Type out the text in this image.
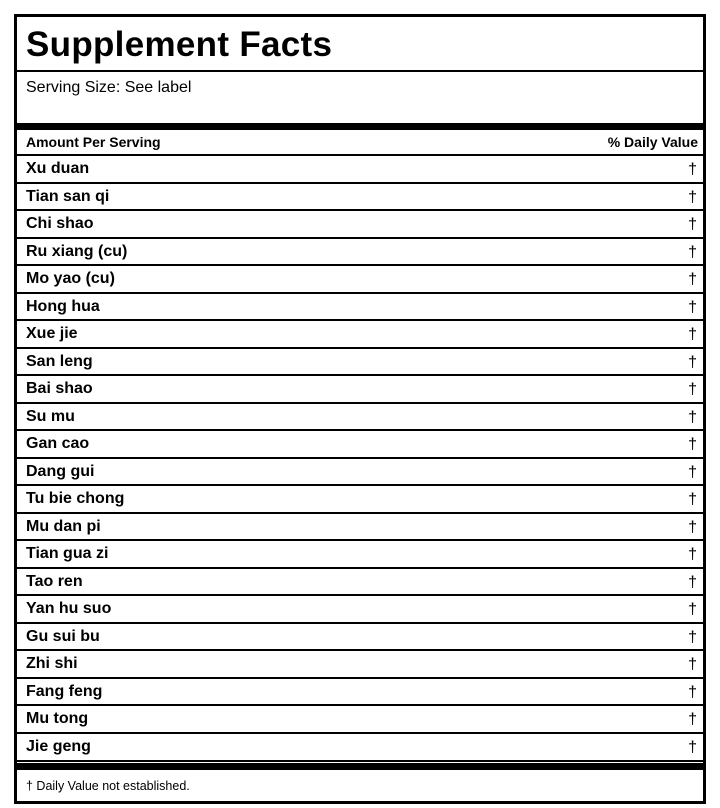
Supplement Facts
Serving Size: See label
Amount Per Serving	% Daily Value
Xu duan	†
Tian san qi	†
Chi shao	†
Ru xiang (cu)	†
Mo yao (cu)	†
Hong hua	†
Xue jie	†
San leng	†
Bai shao	†
Su mu	†
Gan cao	†
Dang gui	†
Tu bie chong	†
Mu dan pi	†
Tian gua zi	†
Tao ren	†
Yan hu suo	†
Gu sui bu	†
Zhi shi	†
Fang feng	†
Mu tong	†
Jie geng	†
† Daily Value not established.
